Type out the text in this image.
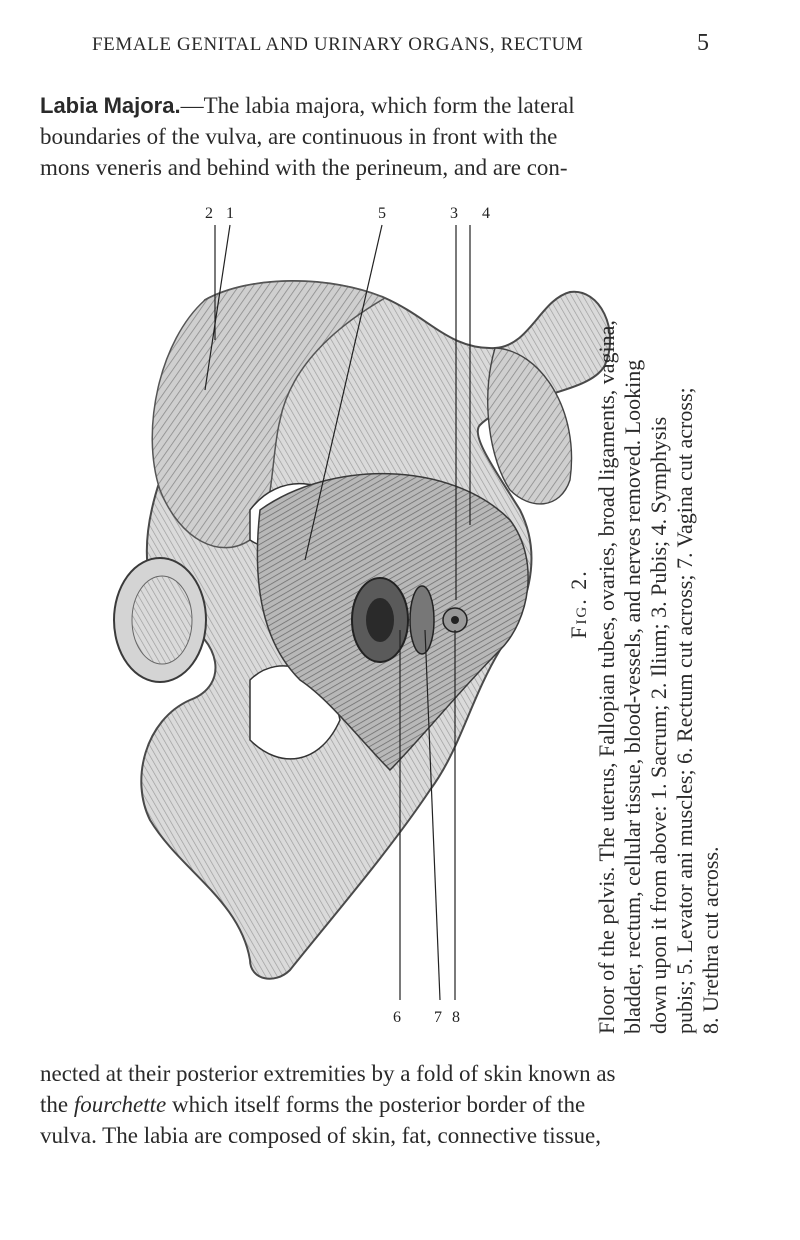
FEMALE GENITAL AND URINARY ORGANS, RECTUM	5

Labia Majora.—The labia majora, which form the lateral
boundaries of the vulva, are continuous in front with the
mons veneris and behind with the perineum, and are con-

2 1	5	3 4
6 7 8
Fig. 2. Floor of the pelvis. The uterus, Fallopian tubes, ovaries, broad ligaments, vagina, bladder, rectum, cellular tissue, blood-vessels, and nerves removed. Looking down upon it from above: 1. Sacrum; 2. Ilium; 3. Pubis; 4. Symphysis pubis; 5. Levator ani muscles; 6. Rectum cut across; 7. Vagina cut across; 8. Urethra cut across.

nected at their posterior extremities by a fold of skin known as
the fourchette which itself forms the posterior border of the
vulva. The labia are composed of skin, fat, connective tissue,
